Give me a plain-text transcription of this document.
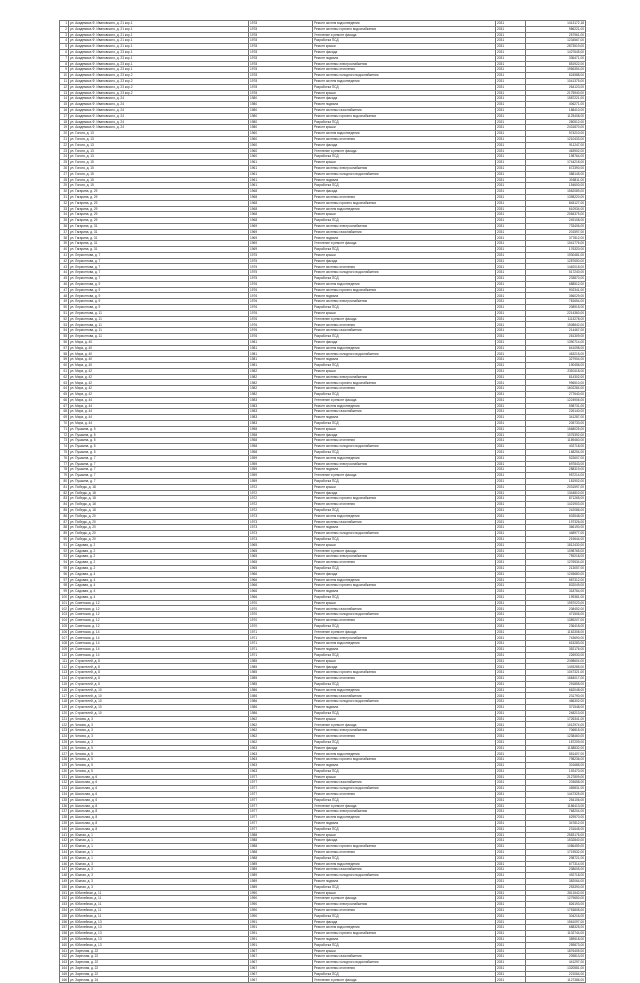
1	ул. Академика Ф. Ивановского, д. 21 кор.1	1978	Ремонт систем водоотведения	2031	1413172,18
2	ул. Академика Ф. Ивановского, д. 21 кор.1	1978	Ремонт системы горячего водоснабжения	2031	986221,00
3	ул. Академика Ф. Ивановского, д. 21 кор.1	1978	Утепление и ремонт фасада	2031	257961,00
4	ул. Академика Ф. Ивановского, д. 21 кор.1	1978	Разработка ПСД	2031	1234567,00
5	ул. Академика Ф. Ивановского, д. 21 кор.1	1978	Ремонт крыши	2031	2873519,00
6	ул. Академика Ф. Ивановского, д. 23 кор.1	1978	Ремонт фасада	2031	1427645,00
7	ул. Академика Ф. Ивановского, д. 23 кор.1	1978	Ремонт подвала	2031	336471,00
8	ул. Академика Ф. Ивановского, д. 23 кор.1	1978	Ремонт системы электроснабжения	2031	851922,00
9	ул. Академика Ф. Ивановского, д. 23 кор.1	1978	Ремонт системы отопления	2031	1956354,00
10	ул. Академика Ф. Ивановского, д. 23 кор.2	1978	Ремонт системы холодного водоснабжения	2031	624588,00
11	ул. Академика Ф. Ивановского, д. 23 кор.2	1978	Ремонт систем водоотведения	2031	1041375,00
12	ул. Академика Ф. Ивановского, д. 23 кор.2	1978	Разработка ПСД	2031	264123,00
13	ул. Академика Ф. Ивановского, д. 23 кор.2	1978	Ремонт крыши	2031	2175940,00
14	ул. Академика Ф. Ивановского, д. 24	1980	Ремонт фасада	2031	1587221,00
15	ул. Академика Ф. Ивановского, д. 24	1980	Ремонт подвала	2031	406271,00
16	ул. Академика Ф. Ивановского, д. 24	1980	Ремонт системы газоснабжения	2031	188410,00
17	ул. Академика Ф. Ивановского, д. 24	1980	Ремонт системы горячего водоснабжения	2031	1125408,00
18	ул. Академика Ф. Ивановского, д. 24	1980	Разработка ПСД	2031	280512,00
19	ул. Академика Ф. Ивановского, д. 24	1980	Ремонт крыши	2031	2431870,00
20	ул. Гоголя, д. 13	1960	Ремонт систем водоотведения	2031	574210,00
21	ул. Гоголя, д. 13	1960	Ремонт системы отопления	2031	1210433,00
22	ул. Гоголя, д. 13	1960	Ремонт фасада	2031	911247,00
23	ул. Гоголя, д. 13	1960	Утепление и ремонт фасада	2031	463902,00
24	ул. Гоголя, д. 13	1960	Разработка ПСД	2031	198764,00
25	ул. Гоголя, д. 15	1961	Ремонт крыши	2031	1744218,00
26	ул. Гоголя, д. 15	1961	Ремонт системы электроснабжения	2031	672390,00
27	ул. Гоголя, д. 15	1961	Ремонт системы холодного водоснабжения	2031	388145,00
28	ул. Гоголя, д. 15	1961	Ремонт подвала	2031	305811,00
29	ул. Гоголя, д. 15	1961	Разработка ПСД	2031	154600,00
30	ул. Гагарина, д. 29	1968	Ремонт фасада	2031	1562089,00
31	ул. Гагарина, д. 29	1968	Ремонт системы отопления	2031	1398220,00
32	ул. Гагарина, д. 29	1968	Ремонт системы горячего водоснабжения	2031	845127,00
33	ул. Гагарина, д. 29	1968	Ремонт систем водоотведения	2031	610934,00
34	ул. Гагарина, д. 29	1968	Ремонт крыши	2031	2084375,00
35	ул. Гагарина, д. 29	1968	Разработка ПСД	2031	249108,00
36	ул. Гагарина, д. 31	1969	Ремонт системы электроснабжения	2031	733406,00
37	ул. Гагарина, д. 31	1969	Ремонт системы газоснабжения	2031	201597,00
38	ул. Гагарина, д. 31	1969	Ремонт подвала	2031	377812,00
39	ул. Гагарина, д. 31	1969	Утепление и ремонт фасада	2031	1041776,00
40	ул. Гагарина, д. 31	1969	Разработка ПСД	2031	176320,00
41	ул. Лермонтова, д. 7	1975	Ремонт крыши	2031	1930481,00
42	ул. Лермонтова, д. 7	1975	Ремонт фасада	2031	1287650,00
43	ул. Лермонтова, д. 7	1975	Ремонт системы отопления	2031	1462018,00
44	ул. Лермонтова, д. 7	1975	Ремонт системы холодного водоснабжения	2031	517240,00
45	ул. Лермонтова, д. 7	1975	Разработка ПСД	2031	233870,00
46	ул. Лермонтова, д. 9	1976	Ремонт систем водоотведения	2031	688512,00
47	ул. Лермонтова, д. 9	1976	Ремонт системы горячего водоснабжения	2031	902341,00
48	ул. Лермонтова, д. 9	1976	Ремонт подвала	2031	356029,00
49	ул. Лермонтова, д. 9	1976	Ремонт системы электроснабжения	2031	781654,00
50	ул. Лермонтова, д. 9	1976	Разработка ПСД	2031	208915,00
51	ул. Лермонтова, д. 11	1976	Ремонт крыши	2031	2214360,00
52	ул. Лермонтова, д. 11	1976	Утепление и ремонт фасада	2031	1113278,00
53	ул. Лермонтова, д. 11	1976	Ремонт системы отопления	2031	1508842,00
54	ул. Лермонтова, д. 11	1976	Ремонт системы газоснабжения	2031	214467,00
55	ул. Лермонтова, д. 11	1976	Разработка ПСД	2031	261309,00
56	ул. Мира, д. 40	1981	Ремонт фасада	2031	1390714,00
57	ул. Мира, д. 40	1981	Ремонт систем водоотведения	2031	641098,00
58	ул. Мира, д. 40	1981	Ремонт системы холодного водоснабжения	2031	463215,00
59	ул. Мира, д. 40	1981	Ремонт подвала	2031	327904,00
60	ул. Мира, д. 40	1981	Разработка ПСД	2031	190456,00
61	ул. Мира, д. 42	1982	Ремонт крыши	2031	2350118,00
62	ул. Мира, д. 42	1982	Ремонт системы электроснабжения	2031	814302,00
63	ул. Мира, д. 42	1982	Ремонт системы горячего водоснабжения	2031	996510,00
64	ул. Мира, д. 42	1982	Ремонт системы отопления	2031	1602284,00
65	ул. Мира, д. 42	1982	Разработка ПСД	2031	277640,00
66	ул. Мира, д. 44	1983	Утепление и ремонт фасада	2031	1224906,00
67	ул. Мира, д. 44	1983	Ремонт систем водоотведения	2031	598731,00
68	ул. Мира, д. 44	1983	Ремонт системы газоснабжения	2031	226140,00
69	ул. Мира, д. 44	1983	Ремонт подвала	2031	341287,00
70	ул. Мира, д. 44	1983	Разработка ПСД	2031	205733,00
71	ул. Пушкина, д. 5	1958	Ремонт крыши	2031	1668025,00
72	ул. Пушкина, д. 5	1958	Ремонт фасада	2031	1075392,00
73	ул. Пушкина, д. 5	1958	Ремонт системы отопления	2031	1189460,00
74	ул. Пушкина, д. 5	1958	Ремонт системы холодного водоснабжения	2031	402718,00
75	ул. Пушкина, д. 5	1958	Разработка ПСД	2031	168254,00
76	ул. Пушкина, д. 7	1959	Ремонт систем водоотведения	2031	522607,00
77	ул. Пушкина, д. 7	1959	Ремонт системы электроснабжения	2031	697843,00
78	ул. Пушкина, д. 7	1959	Ремонт подвала	2031	288319,00
79	ул. Пушкина, д. 7	1959	Утепление и ремонт фасада	2031	957214,00
80	ул. Пушкина, д. 7	1959	Разработка ПСД	2031	181902,00
81	ул. Победы, д. 18	1972	Ремонт крыши	2031	2031597,00
82	ул. Победы, д. 18	1972	Ремонт фасада	2031	1344810,00
83	ул. Победы, д. 18	1972	Ремонт системы горячего водоснабжения	2031	871265,00
84	ул. Победы, д. 18	1972	Ремонт системы отопления	2031	1421903,00
85	ул. Победы, д. 18	1972	Разработка ПСД	2031	242086,00
86	ул. Победы, д. 20	1973	Ремонт систем водоотведения	2031	603548,00
87	ул. Победы, д. 20	1973	Ремонт системы газоснабжения	2031	197326,00
88	ул. Победы, д. 20	1973	Ремонт подвала	2031	366190,00
89	ул. Победы, д. 20	1973	Ремонт системы холодного водоснабжения	2031	448977,00
90	ул. Победы, д. 20	1973	Разработка ПСД	2031	219644,00
91	ул. Садовая, д. 2	1965	Ремонт крыши	2031	1812430,00
92	ул. Садовая, д. 2	1965	Утепление и ремонт фасада	2031	1098765,00
93	ул. Садовая, д. 2	1965	Ремонт системы электроснабжения	2031	759218,00
94	ул. Садовая, д. 2	1965	Ремонт системы отопления	2031	1276534,00
95	ул. Садовая, д. 2	1965	Разработка ПСД	2031	213057,00
96	ул. Садовая, д. 4	1966	Ремонт фасада	2031	1245680,00
97	ул. Садовая, д. 4	1966	Ремонт систем водоотведения	2031	587312,00
98	ул. Садовая, д. 4	1966	Ремонт системы горячего водоснабжения	2031	832049,00
99	ул. Садовая, д. 4	1966	Ремонт подвала	2031	318764,00
100	ул. Садовая, д. 4	1966	Разработка ПСД	2031	199381,00
101	ул. Советская, д. 12	1970	Ремонт крыши	2031	1957023,00
102	ул. Советская, д. 12	1970	Ремонт системы газоснабжения	2031	208452,00
103	ул. Советская, д. 12	1970	Ремонт системы холодного водоснабжения	2031	471506,00
104	ул. Советская, д. 12	1970	Ремонт системы отопления	2031	1389207,00
105	ул. Советская, д. 12	1970	Разработка ПСД	2031	236418,00
106	ул. Советская, д. 14	1971	Утепление и ремонт фасада	2031	1152308,00
107	ул. Советская, д. 14	1971	Ремонт системы электроснабжения	2031	743690,00
108	ул. Советская, д. 14	1971	Ремонт систем водоотведения	2031	615283,00
109	ул. Советская, д. 14	1971	Ремонт подвала	2031	352176,00
110	ул. Советская, д. 14	1971	Разработка ПСД	2031	226930,00
111	ул. Строителей, д. 8	1985	Ремонт крыши	2031	2498604,00
112	ул. Строителей, д. 8	1985	Ремонт фасада	2031	1493285,00
113	ул. Строителей, д. 8	1985	Ремонт системы горячего водоснабжения	2031	1047321,00
114	ул. Строителей, д. 8	1985	Ремонт системы отопления	2031	1684017,00
115	ул. Строителей, д. 8	1985	Разработка ПСД	2031	291855,00
116	ул. Строителей, д. 10	1986	Ремонт систем водоотведения	2031	662048,00
117	ул. Строителей, д. 10	1986	Ремонт системы газоснабжения	2031	231790,00
118	ул. Строителей, д. 10	1986	Ремонт системы холодного водоснабжения	2031	486302,00
119	ул. Строителей, д. 10	1986	Ремонт подвала	2031	371548,00
120	ул. Строителей, д. 10	1986	Разработка ПСД	2031	248213,00
121	ул. Чехова, д. 3	1962	Ремонт крыши	2031	1726341,00
122	ул. Чехова, д. 3	1962	Утепление и ремонт фасада	2031	1012974,00
123	ул. Чехова, д. 3	1962	Ремонт системы электроснабжения	2031	706815,00
124	ул. Чехова, д. 3	1962	Ремонт системы отопления	2031	1238460,00
125	ул. Чехова, д. 3	1962	Разработка ПСД	2031	187209,00
126	ул. Чехова, д. 5	1963	Ремонт фасада	2031	1158832,00
127	ул. Чехова, д. 5	1963	Ремонт систем водоотведения	2031	551407,00
128	ул. Чехова, д. 5	1963	Ремонт системы горячего водоснабжения	2031	798236,00
129	ул. Чехова, д. 5	1963	Ремонт подвала	2031	301685,00
130	ул. Чехова, д. 5	1963	Разработка ПСД	2031	192470,00
131	ул. Школьная, д. 6	1977	Ремонт крыши	2031	2127809,00
132	ул. Школьная, д. 6	1977	Ремонт системы газоснабжения	2031	203658,00
133	ул. Школьная, д. 6	1977	Ремонт системы холодного водоснабжения	2031	459831,00
134	ул. Школьная, д. 6	1977	Ремонт системы отопления	2031	1447325,00
135	ул. Школьная, д. 6	1977	Разработка ПСД	2031	254106,00
136	ул. Школьная, д. 8	1977	Утепление и ремонт фасада	2031	1186413,00
137	ул. Школьная, д. 8	1977	Ремонт системы электроснабжения	2031	768204,00
138	ул. Школьная, д. 8	1977	Ремонт систем водоотведения	2031	629570,00
139	ул. Школьная, д. 8	1977	Ремонт подвала	2031	347812,00
140	ул. Школьная, д. 8	1977	Разработка ПСД	2031	231645,00
141	ул. Южная, д. 1	1988	Ремонт крыши	2031	2583176,00
142	ул. Южная, д. 1	1988	Ремонт фасада	2031	1532840,00
143	ул. Южная, д. 1	1988	Ремонт системы горячего водоснабжения	2031	1086459,00
144	ул. Южная, д. 1	1988	Ремонт системы отопления	2031	1719532,00
145	ул. Южная, д. 1	1988	Разработка ПСД	2031	298721,00
146	ул. Южная, д. 3	1989	Ремонт систем водоотведения	2031	677314,00
147	ул. Южная, д. 3	1989	Ремонт системы газоснабжения	2031	238605,00
148	ул. Южная, д. 3	1989	Ремонт системы холодного водоснабжения	2031	492718,00
149	ул. Южная, д. 3	1989	Ремонт подвала	2031	382064,00
150	ул. Южная, д. 3	1989	Разработка ПСД	2031	253390,00
151	ул. Юбилейная, д. 11	1990	Ремонт крыши	2031	2611542,00
152	ул. Юбилейная, д. 11	1990	Утепление и ремонт фасада	2031	1279650,00
153	ул. Юбилейная, д. 11	1990	Ремонт системы электроснабжения	2031	826193,00
154	ул. Юбилейная, д. 11	1990	Ремонт системы отопления	2031	1753808,00
155	ул. Юбилейная, д. 11	1990	Разработка ПСД	2031	304216,00
156	ул. Юбилейная, д. 13	1991	Ремонт фасада	2031	1561097,00
157	ул. Юбилейная, д. 13	1991	Ремонт систем водоотведения	2031	688325,00
158	ул. Юбилейная, д. 13	1991	Ремонт системы горячего водоснабжения	2031	1102744,00
159	ул. Юбилейная, д. 13	1991	Ремонт подвала	2031	389518,00
160	ул. Юбилейная, д. 13	1991	Разработка ПСД	2031	259873,00
161	ул. Заречная, д. 22	1967	Ремонт крыши	2031	1876405,00
162	ул. Заречная, д. 22	1967	Ремонт системы газоснабжения	2031	209813,00
163	ул. Заречная, д. 22	1967	Ремонт системы холодного водоснабжения	2031	441297,00
164	ул. Заречная, д. 22	1967	Ремонт системы отопления	2031	1320581,00
165	ул. Заречная, д. 22	1967	Разработка ПСД	2031	221064,00
166	ул. Заречная, д. 24	1967	Утепление и ремонт фасада	2031	1127386,00
